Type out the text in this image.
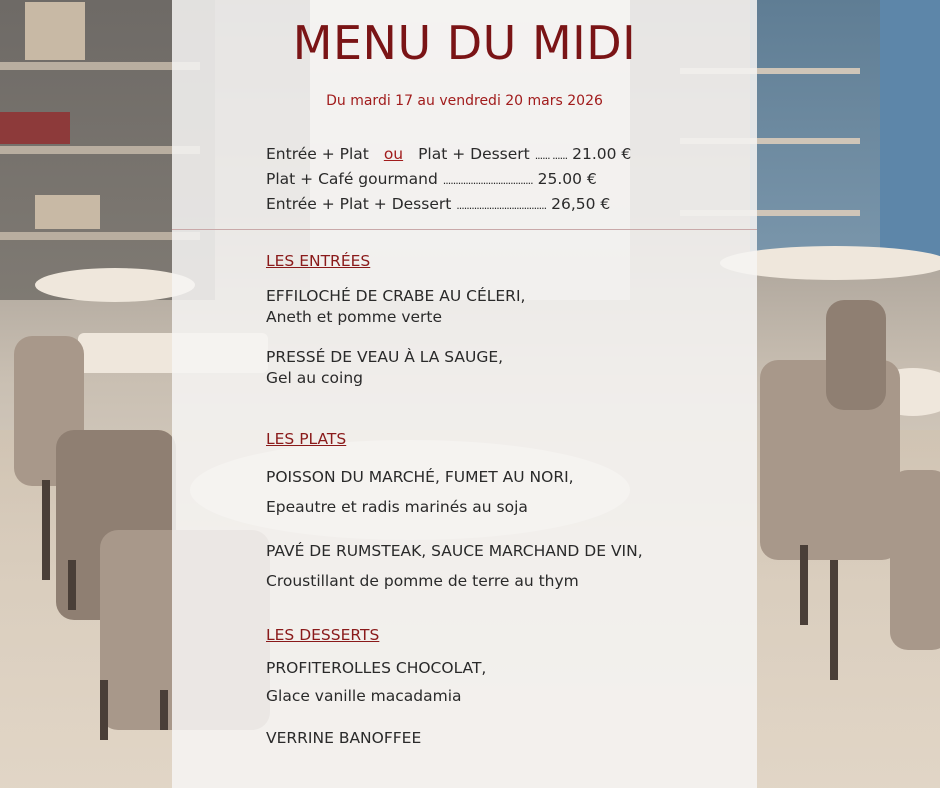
MENU DU MIDI
Du mardi 17 au vendredi 20 mars 2026
Entrée + Plat ou Plat + Dessert ...... ...... 21.00 €
Plat + Café gourmand .................................... 25.00 €
Entrée + Plat + Dessert .................................... 26,50 €
LES ENTRÉES
EFFILOCHÉ DE CRABE AU CÉLERI,
Aneth et pomme verte
PRESSÉ DE VEAU À LA SAUGE,
Gel au coing
LES PLATS
POISSON DU MARCHÉ, FUMET AU NORI,
Epeautre et radis marinés au soja
PAVÉ DE RUMSTEAK, SAUCE MARCHAND DE VIN,
Croustillant de pomme de terre au thym
LES DESSERTS
PROFITEROLLES CHOCOLAT,
Glace vanille macadamia
VERRINE BANOFFEE
